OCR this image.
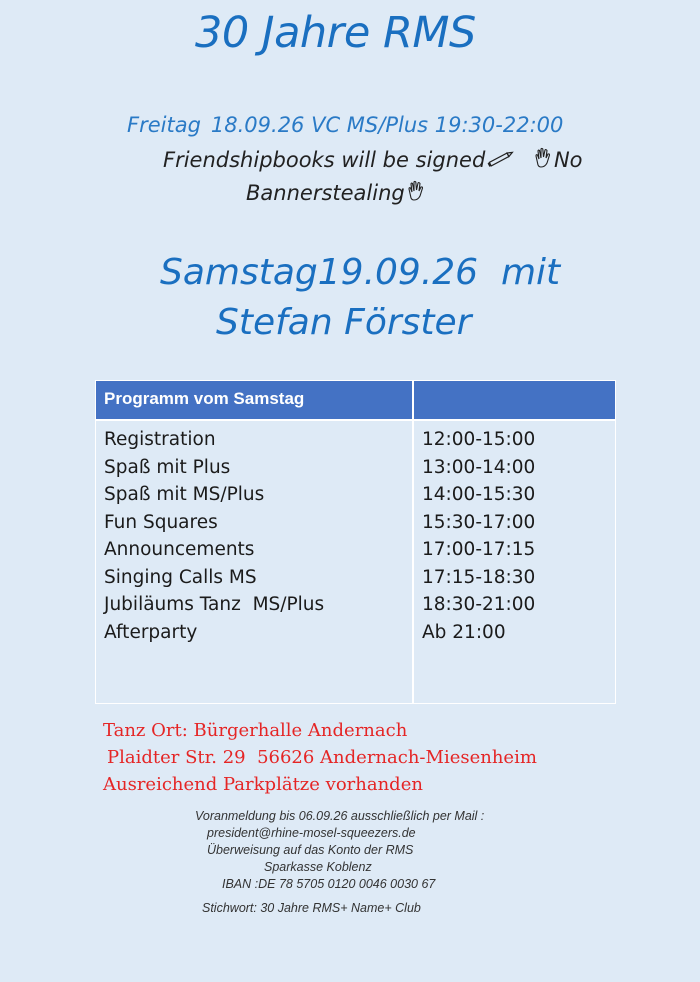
30 Jahre RMS
Freitag 18.09.26 VC MS/Plus 19:30-22:00
Friendshipbooks will be signed	No
Bannerstealing
Samstag19.09.26  mit
Stefan Förster
Programm vom Samstag
Registration	12:00-15:00
Spaß mit Plus	13:00-14:00
Spaß mit MS/Plus	14:00-15:30
Fun Squares	15:30-17:00
Announcements	17:00-17:15
Singing Calls MS	17:15-18:30
Jubiläums Tanz  MS/Plus	18:30-21:00
Afterparty	Ab 21:00
Tanz Ort: Bürgerhalle Andernach
Plaidter Str. 29  56626 Andernach-Miesenheim
Ausreichend Parkplätze vorhanden
Voranmeldung bis 06.09.26 ausschließlich per Mail :
president@rhine-mosel-squeezers.de
Überweisung auf das Konto der RMS
Sparkasse Koblenz
IBAN :DE 78 5705 0120 0046 0030 67
Stichwort: 30 Jahre RMS+ Name+ Club
